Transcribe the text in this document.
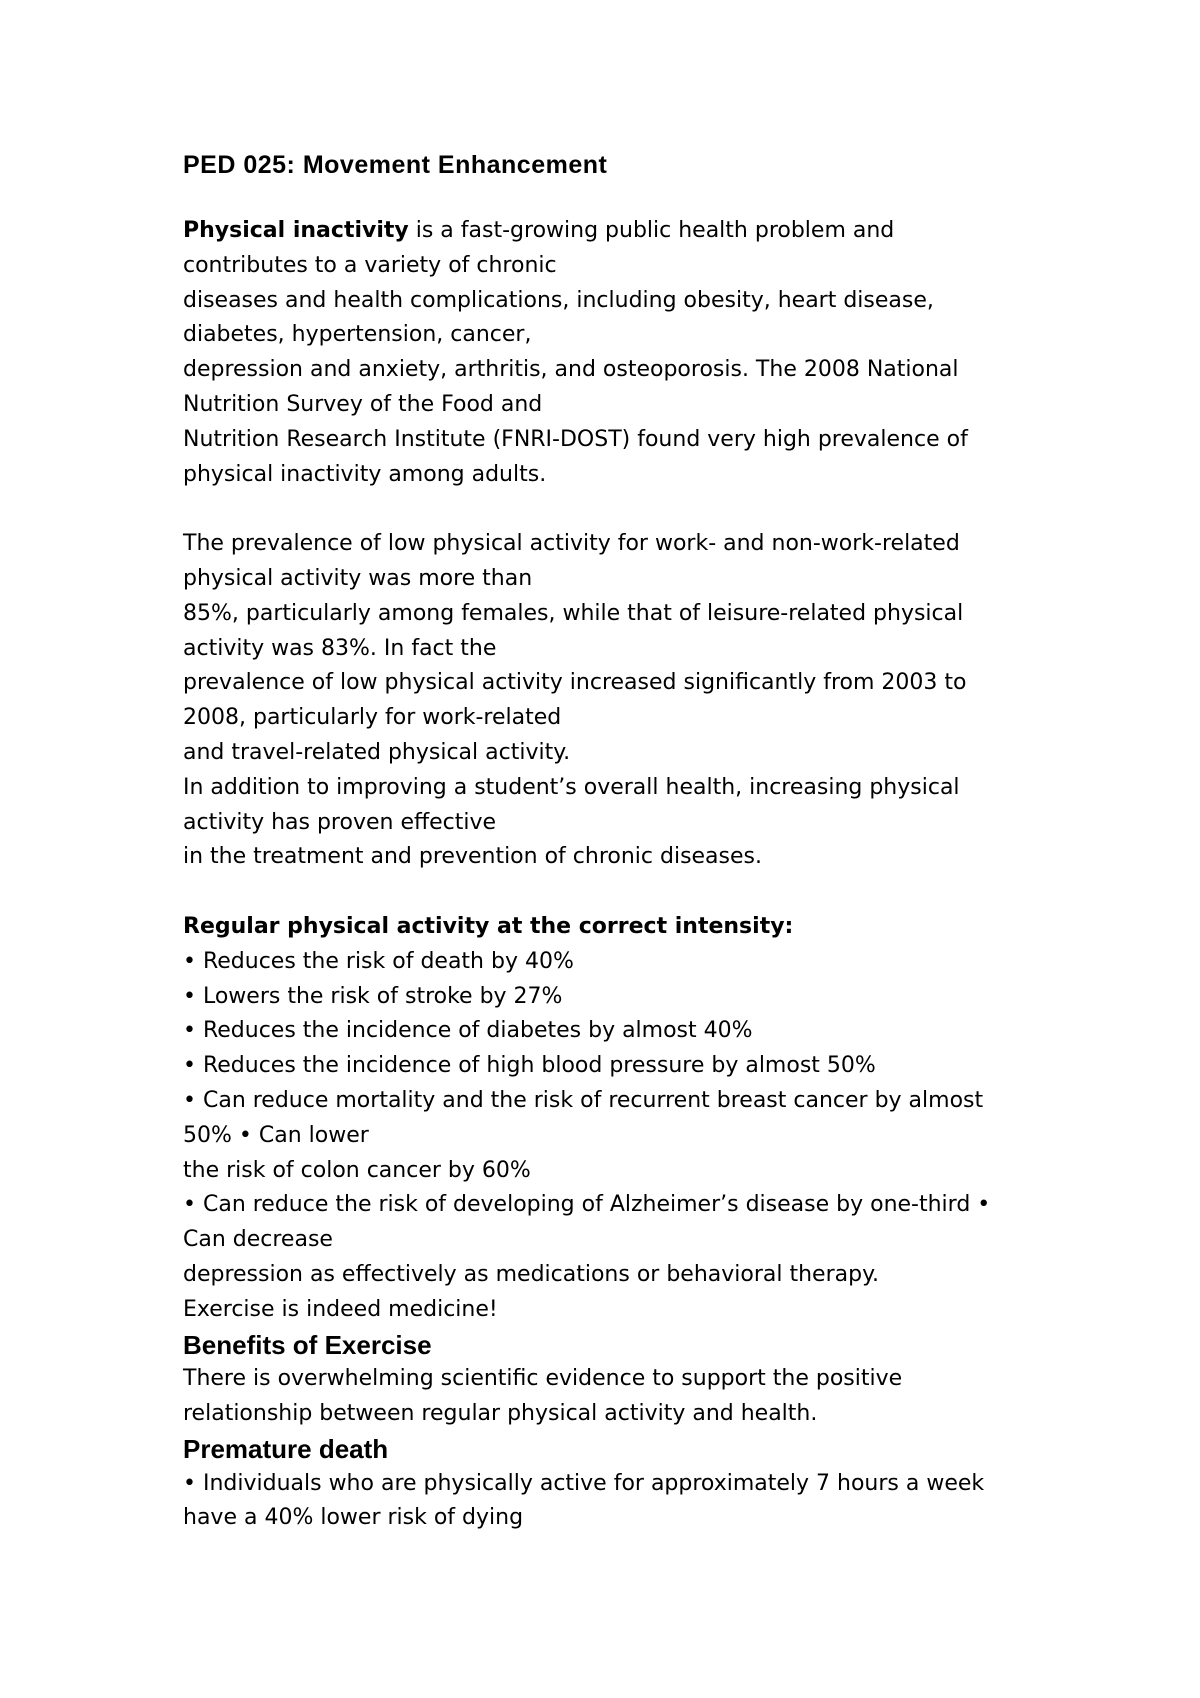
PED 025: Movement Enhancement
Physical inactivity is a fast-growing public health problem and
contributes to a variety of chronic
diseases and health complications, including obesity, heart disease,
diabetes, hypertension, cancer,
depression and anxiety, arthritis, and osteoporosis. The 2008 National
Nutrition Survey of the Food and
Nutrition Research Institute (FNRI-DOST) found very high prevalence of
physical inactivity among adults.
The prevalence of low physical activity for work- and non-work-related
physical activity was more than
85%, particularly among females, while that of leisure-related physical
activity was 83%. In fact the
prevalence of low physical activity increased significantly from 2003 to
2008, particularly for work-related
and travel-related physical activity.
In addition to improving a student’s overall health, increasing physical
activity has proven effective
in the treatment and prevention of chronic diseases.
Regular physical activity at the correct intensity:
• Reduces the risk of death by 40%
• Lowers the risk of stroke by 27%
• Reduces the incidence of diabetes by almost 40%
• Reduces the incidence of high blood pressure by almost 50%
• Can reduce mortality and the risk of recurrent breast cancer by almost
50% • Can lower
the risk of colon cancer by 60%
• Can reduce the risk of developing of Alzheimer’s disease by one-third •
Can decrease
depression as effectively as medications or behavioral therapy.
Exercise is indeed medicine!
Benefits of Exercise
There is overwhelming scientific evidence to support the positive
relationship between regular physical activity and health.
Premature death
• Individuals who are physically active for approximately 7 hours a week
have a 40% lower risk of dying
